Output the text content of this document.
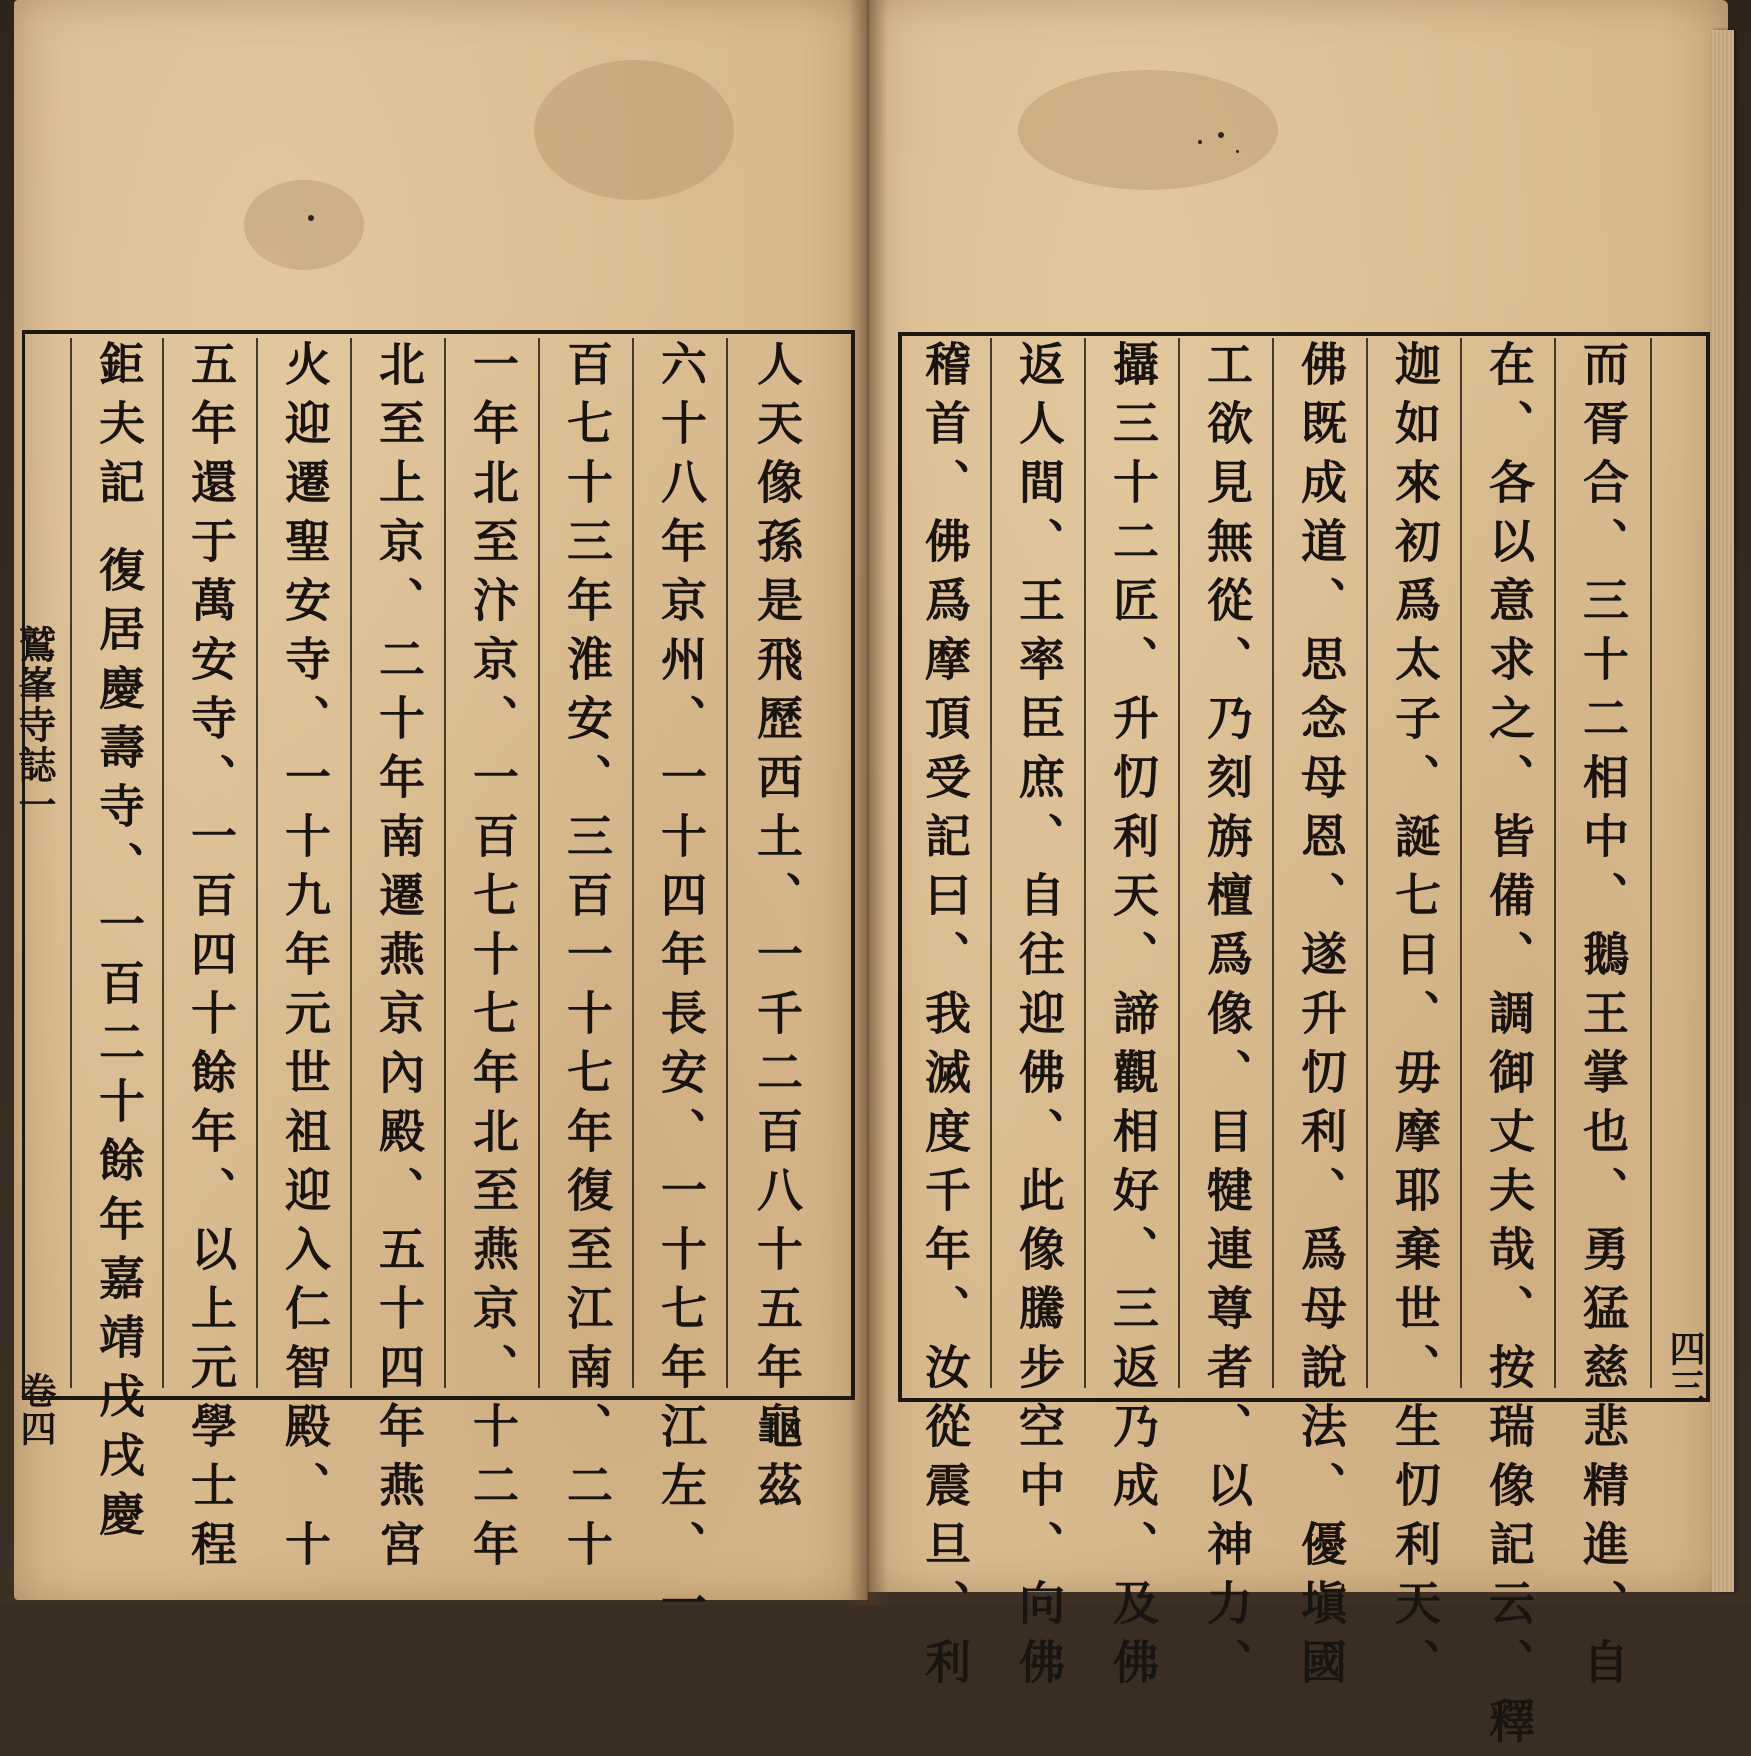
鷲峯寺誌一
卷四	人天像孫是飛歷西土、一千二百八十五年龜茲
六十八年京州、一十四年長安、一十七年江左、一
百七十三年淮安、三百一十七年復至江南、二十
一年北至汴京、一百七十七年北至燕京、十二年
北至上京、二十年南遷燕京內殿、五十四年燕宮
火迎遷聖安寺、一十九年元世祖迎入仁智殿、十
五年還于萬安寺、一百四十餘年、以上元學士程
鉅夫記 復居慶壽寺、一百二十餘年嘉靖戊戌慶	四三
而胥合、三十二相中、鵝王掌也、勇猛慈悲精進、自
在、各以意求之、皆備、調御丈夫哉、按瑞像記云、釋
迦如來初爲太子、誕七日、毋摩耶棄世、生忉利天、
佛既成道、思念母恩、遂升忉利、爲母說法、優塡國
工欲見無從、乃刻旃檀爲像、目犍連尊者、以神力、
攝三十二匠、升忉利天、諦觀相好、三返乃成、及佛
返人間、王率臣庶、自往迎佛、此像騰步空中、向佛
稽首、佛爲摩頂受記曰、我滅度千年、汝從震旦、利
